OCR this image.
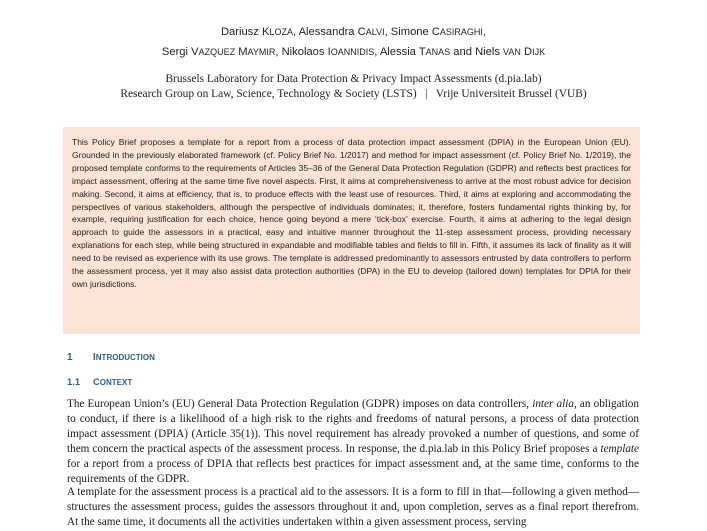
Dariusz KLOZA, Alessandra CALVI, Simone CASIRAGHI,
Sergi VAZQUEZ MAYMIR, Nikolaos IOANNIDIS, Alessia TANAS and Niels VAN DIJK
Brussels Laboratory for Data Protection & Privacy Impact Assessments (d.pia.lab)
Research Group on Law, Science, Technology & Society (LSTS)   |   Vrije Universiteit Brussel (VUB)
This Policy Brief proposes a template for a report from a process of data protection impact assessment (DPIA) in the European Union (EU). Grounded in the previously elaborated framework (cf. Policy Brief No. 1/2017) and method for impact assessment (cf. Policy Brief No. 1/2019), the proposed template conforms to the requirements of Articles 35–36 of the General Data Protection Regulation (GDPR) and reflects best practices for impact assessment, offering at the same time five novel aspects. First, it aims at comprehensiveness to arrive at the most robust advice for decision making. Second, it aims at efficiency, that is, to produce effects with the least use of resources. Third, it aims at exploring and accommodating the perspectives of various stakeholders, although the perspective of individuals dominates; it, therefore, fosters fundamental rights thinking by, for example, requiring justification for each choice, hence going beyond a mere ‘tick-box’ exercise. Fourth, it aims at adhering to the legal design approach to guide the assessors in a practical, easy and intuitive manner throughout the 11-step assessment process, providing necessary explanations for each step, while being structured in expandable and modifiable tables and fields to fill in. Fifth, it assumes its lack of finality as it will need to be revised as experience with its use grows. The template is addressed predominantly to assessors entrusted by data controllers to perform the assessment process, yet it may also assist data protection authorities (DPA) in the EU to develop (tailored down) templates for DPIA for their own jurisdictions.
1 INTRODUCTION
1.1 CONTEXT
The European Union’s (EU) General Data Protection Regulation (GDPR) imposes on data controllers, inter alia, an obligation to conduct, if there is a likelihood of a high risk to the rights and freedoms of natural persons, a process of data protection impact assessment (DPIA) (Article 35(1)). This novel requirement has already provoked a number of questions, and some of them concern the practical aspects of the assessment process. In response, the d.pia.lab in this Policy Brief proposes a template for a report from a process of DPIA that reflects best practices for impact assessment and, at the same time, conforms to the requirements of the GDPR.
A template for the assessment process is a practical aid to the assessors. It is a form to fill in that—following a given method—structures the assessment process, guides the assessors throughout it and, upon completion, serves as a final report therefrom. At the same time, it documents all the activities undertaken within a given assessment process, serving
